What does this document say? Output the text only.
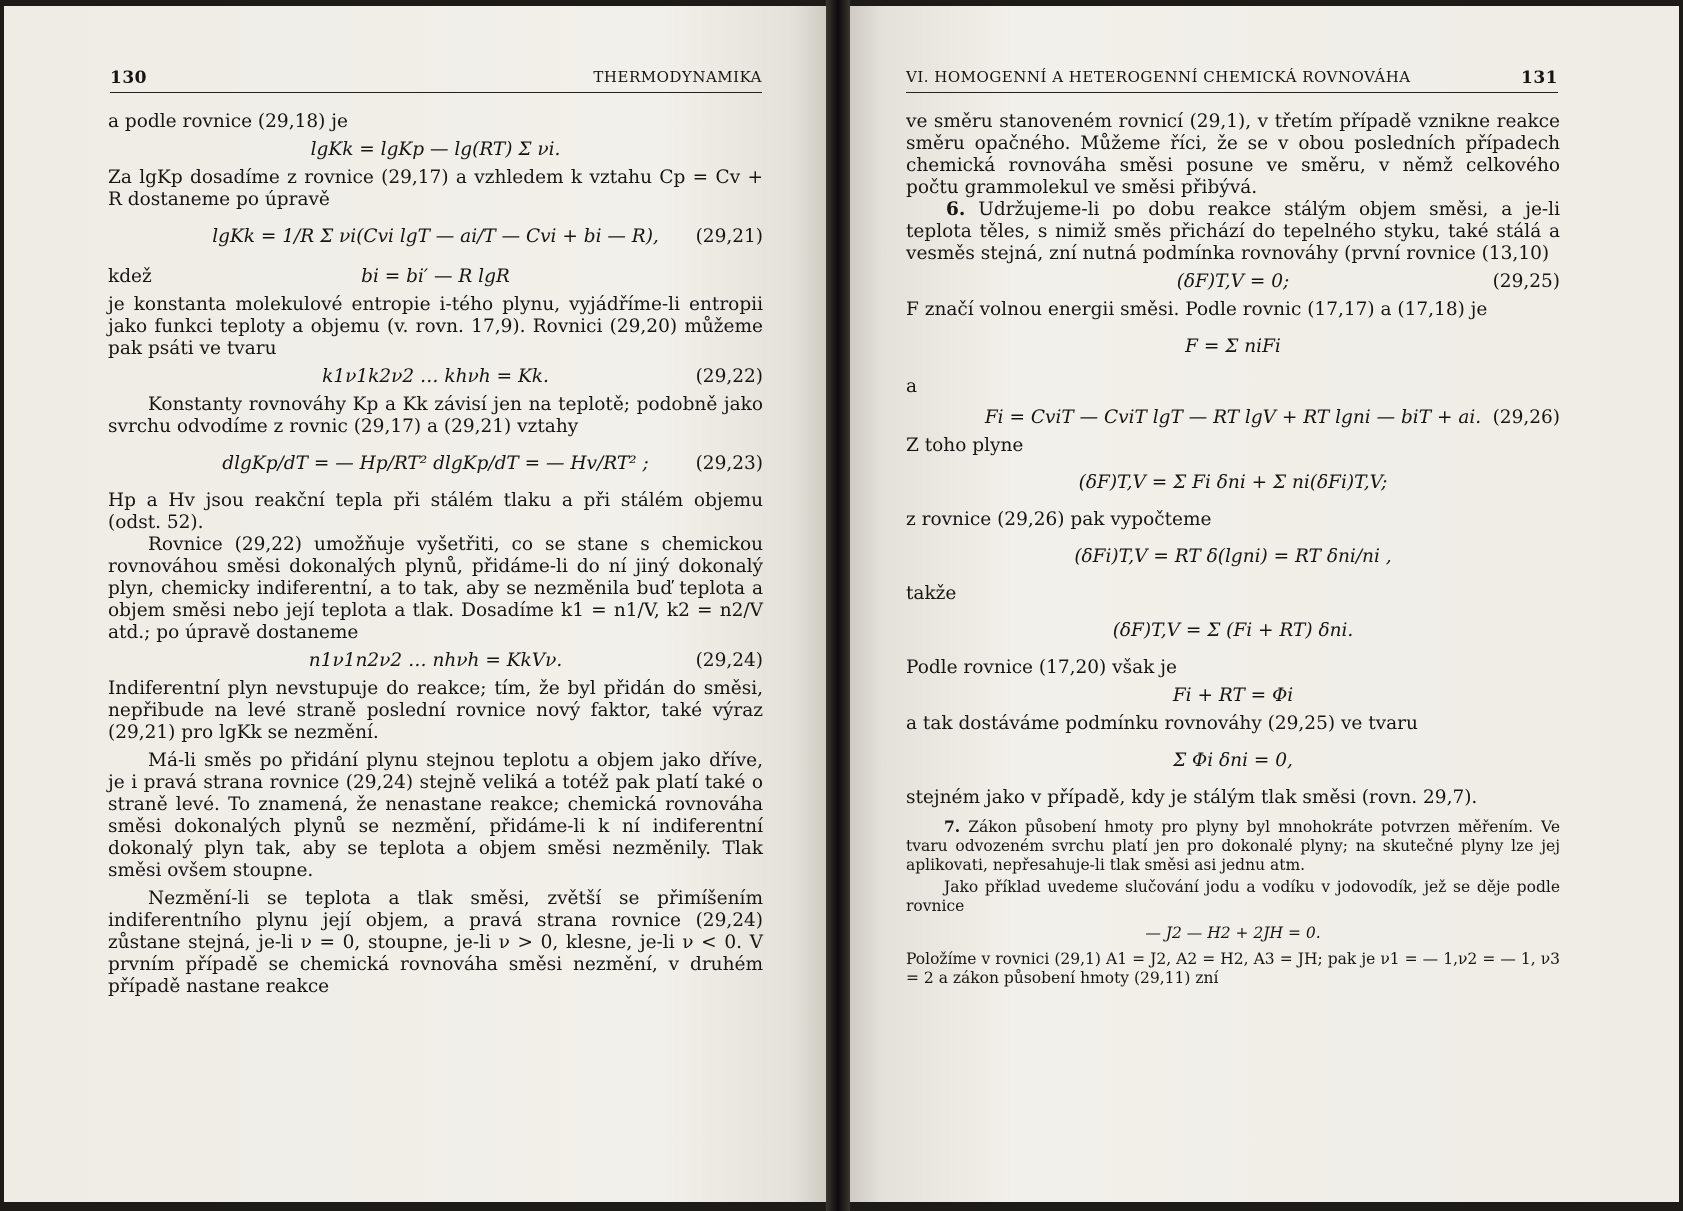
130	THERMODYNAMIKA

a podle rovnice (29,18) je

lgKk = lgKp — lg(RT) Σ νi.

Za lgKp dosadíme z rovnice (29,17) a vzhledem k vztahu Cp = Cv + R dostaneme po úpravě

lgKk = 1/R Σ νi(Cvi lgT — ai/T — Cvi + bi — R), (29,21)
kdež	bi = bi′ — R lgR

je konstanta molekulové entropie i-tého plynu, vyjádříme-li entropii jako funkci teploty a objemu (v. rovn. 17,9). Rovnici (29,20) můžeme pak psáti ve tvaru

k1ν1k2ν2 … khνh = Kk.	(29,22)

Konstanty rovnováhy Kp a Kk závisí jen na teplotě; podobně jako svrchu odvodíme z rovnic (29,17) a (29,21) vztahy

dlgKp/dT = — Hp/RT² dlgKp/dT = — Hv/RT² ;	(29,23)

Hp a Hv jsou reakční tepla při stálém tlaku a při stálém objemu (odst. 52).

Rovnice (29,22) umožňuje vyšetřiti, co se stane s chemickou rovnováhou směsi dokonalých plynů, přidáme-li do ní jiný dokonalý plyn, chemicky indiferentní, a to tak, aby se nezměnila buď teplota a objem směsi nebo její teplota a tlak. Dosadíme k1 = n1/V, k2 = n2/V atd.; po úpravě dostaneme

n1ν1n2ν2 … nhνh = KkVν.	(29,24)

Indiferentní plyn nevstupuje do reakce; tím, že byl přidán do směsi, nepřibude na levé straně poslední rovnice nový faktor, také výraz (29,21) pro lgKk se nezmění.

Má-li směs po přidání plynu stejnou teplotu a objem jako dříve, je i pravá strana rovnice (29,24) stejně veliká a totéž pak platí také o straně levé. To znamená, že nenastane reakce; chemická rovnováha směsi dokonalých plynů se nezmění, přidáme-li k ní indiferentní dokonalý plyn tak, aby se teplota a objem směsi nezměnily. Tlak směsi ovšem stoupne.

Nezmění-li se teplota a tlak směsi, zvětší se přimíšením indiferentního plynu její objem, a pravá strana rovnice (29,24) zůstane stejná, je-li ν = 0, stoupne, je-li ν > 0, klesne, je-li ν < 0. V prvním případě se chemická rovnováha směsi nezmění, v druhém případě nastane reakce

VI. HOMOGENNÍ A HETEROGENNÍ CHEMICKÁ ROVNOVÁHA	131

ve směru stanoveném rovnicí (29,1), v třetím případě vznikne reakce směru opačného. Můžeme říci, že se v obou posledních případech chemická rovnováha směsi posune ve směru, v němž celkového počtu grammolekul ve směsi přibývá.

6. Udržujeme-li po dobu reakce stálým objem směsi, a je-li teplota těles, s nimiž směs přichází do tepelného styku, také stálá a vesměs stejná, zní nutná podmínka rovnováhy (první rovnice (13,10)

(δF)T,V = 0;	(29,25)

F značí volnou energii směsi. Podle rovnic (17,17) a (17,18) je

F = Σ niFi
a
Fi = CviT — CviT lgT — RT lgV + RT lgni — biT + ai. (29,26)

Z toho plyne

(δF)T,V = Σ Fi δni + Σ ni(δFi)T,V;

z rovnice (29,26) pak vypočteme

(δFi)T,V = RT δ(lgni) = RT δni/ni ,

takže

(δF)T,V = Σ (Fi + RT) δni.

Podle rovnice (17,20) však je

Fi + RT = Φi

a tak dostáváme podmínku rovnováhy (29,25) ve tvaru

Σ Φi δni = 0,

stejném jako v případě, kdy je stálým tlak směsi (rovn. 29,7).

7. Zákon působení hmoty pro plyny byl mnohokráte potvrzen měřením. Ve tvaru odvozeném svrchu platí jen pro dokonalé plyny; na skutečné plyny lze jej aplikovati, nepřesahuje-li tlak směsi asi jednu atm.

Jako příklad uvedeme slučování jodu a vodíku v jodovodík, jež se děje podle rovnice

— J2 — H2 + 2JH = 0.

Položíme v rovnici (29,1) A1 = J2, A2 = H2, A3 = JH; pak je ν1 = — 1,ν2 = — 1, ν3 = 2 a zákon působení hmoty (29,11) zní
